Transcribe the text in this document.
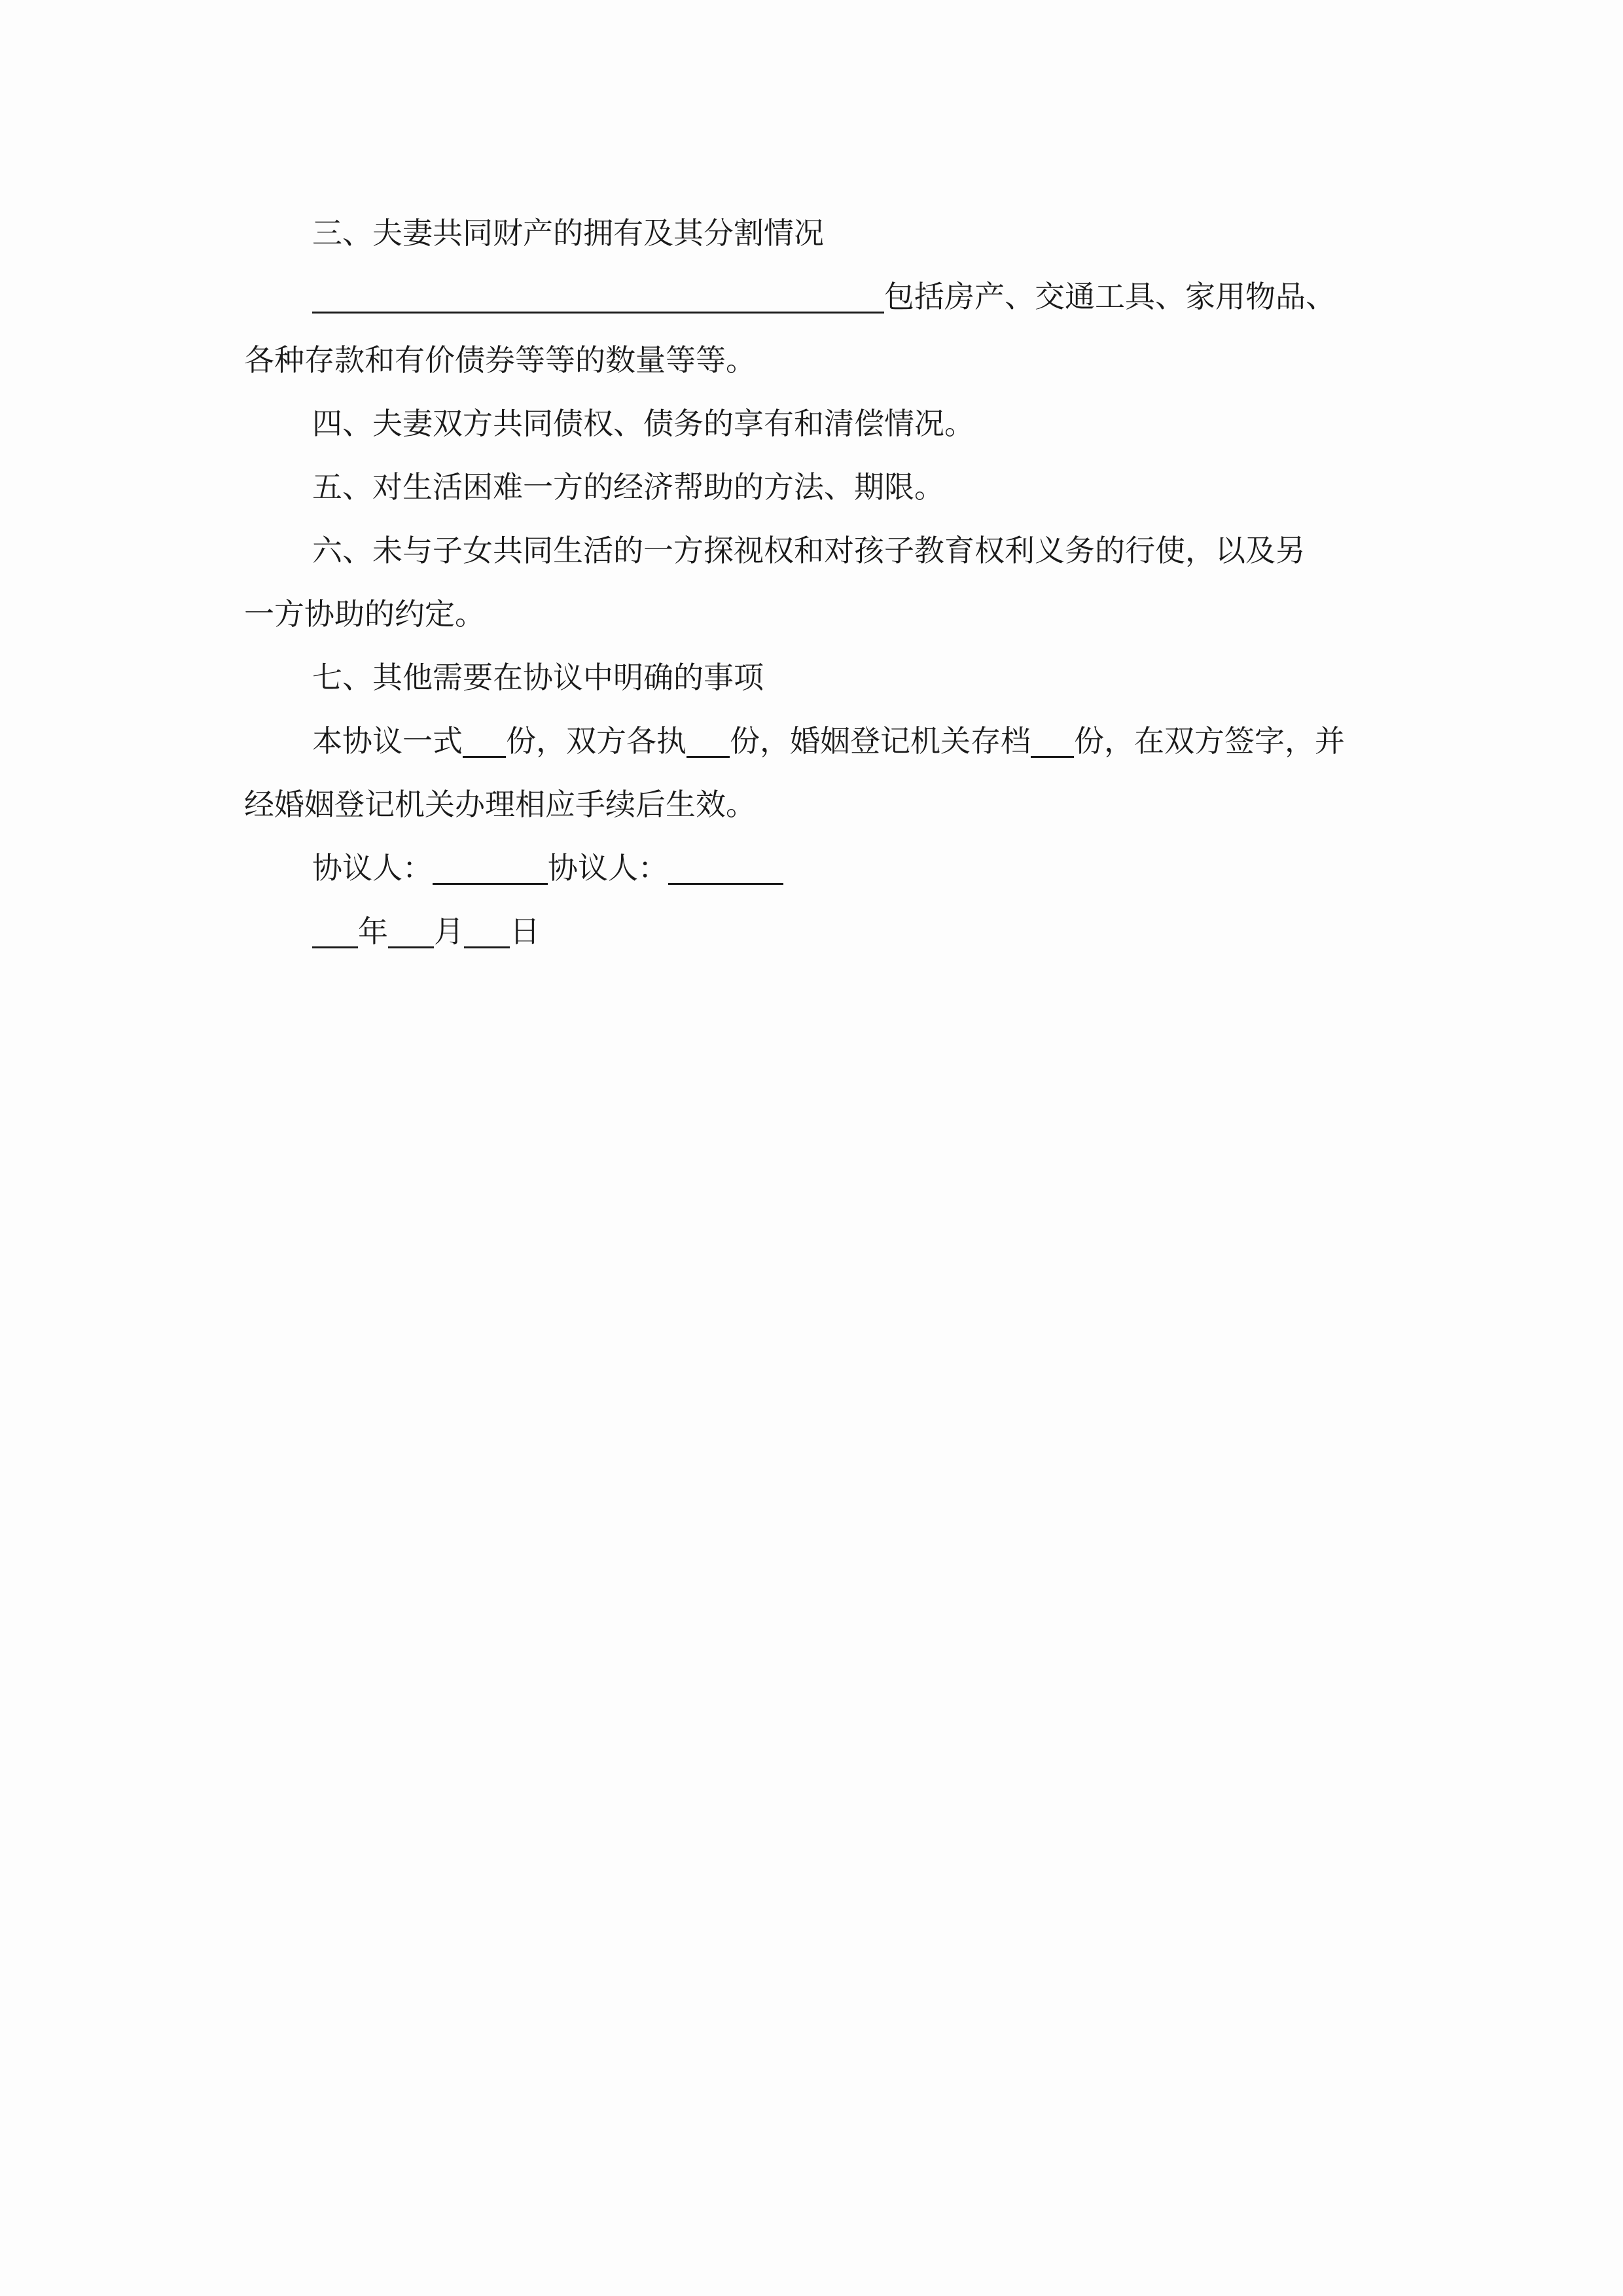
三、夫妻共同财产的拥有及其分割情况

包括房产、交通工具、家用物品、

各种存款和有价债券等等的数量等等。

四、夫妻双方共同债权、债务的享有和清偿情况。

五、对生活困难一方的经济帮助的方法、期限。

六、未与子女共同生活的一方探视权和对孩子教育权利义务的行使，以及另

一方协助的约定。

七、其他需要在协议中明确的事项

本协议一式 份，双方各执 份，婚姻登记机关存档 份，在双方签字，并

经婚姻登记机关办理相应手续后生效。

协议人：	协议人：

年 月 日
